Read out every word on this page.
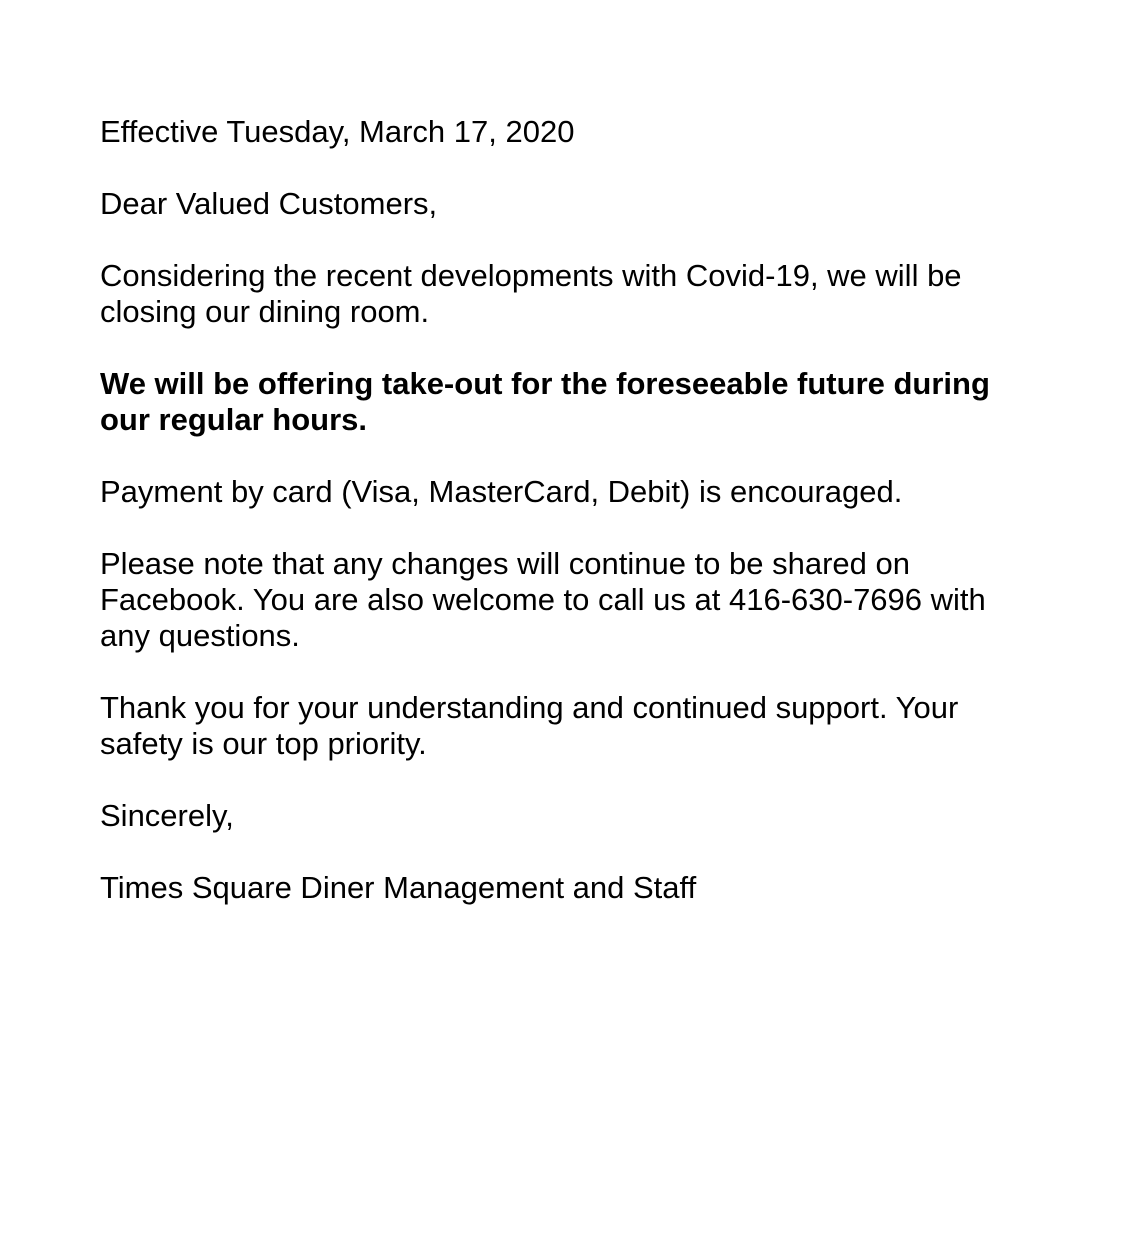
Effective Tuesday, March 17, 2020

Dear Valued Customers,

Considering the recent developments with Covid-19, we will be
closing our dining room.

We will be offering take-out for the foreseeable future during
our regular hours.

Payment by card (Visa, MasterCard, Debit) is encouraged.

Please note that any changes will continue to be shared on
Facebook. You are also welcome to call us at 416-630-7696 with
any questions.

Thank you for your understanding and continued support. Your
safety is our top priority.

Sincerely,

Times Square Diner Management and Staff
